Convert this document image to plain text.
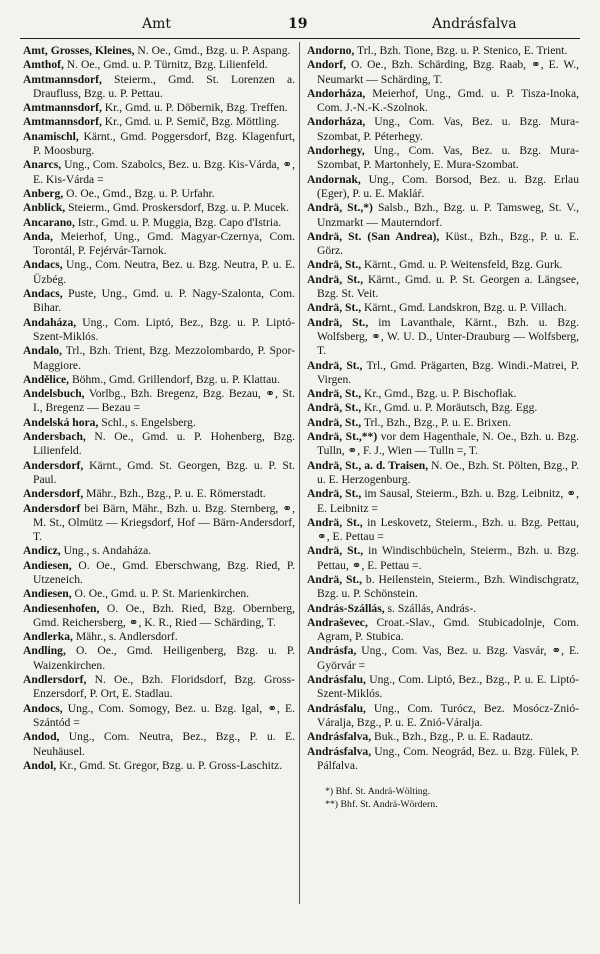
Amt	19	Andrásfalva
Amt, Grosses, Kleines, N. Oe., Gmd., Bzg. u. P. Aspang.
Amthof, N. Oe., Gmd. u. P. Türnitz, Bzg. Lilienfeld.
Amtmannsdorf, Steierm., Gmd. St. Lorenzen a. Draufluss, Bzg. u. P. Pettau.
Amtmannsdorf, Kr., Gmd. u. P. Döbernik, Bzg. Treffen.
Amtmannsdorf, Kr., Gmd. u. P. Semič, Bzg. Möttling.
Anamischl, Kärnt., Gmd. Poggersdorf, Bzg. Klagenfurt, P. Moosburg.
Anarcs, Ung., Com. Szabolcs, Bez. u. Bzg. Kis-Várda, ⚭, E. Kis-Várda =
Anberg, O. Oe., Gmd., Bzg. u. P. Urfahr.
Anblick, Steierm., Gmd. Proskersdorf, Bzg. u. P. Mucek.
Ancarano, Istr., Gmd. u. P. Muggia, Bzg. Capo d'Istria.
Anda, Meierhof, Ung., Gmd. Magyar-Czernya, Com. Torontál, P. Fejérvár-Tarnok.
Andacs, Ung., Com. Neutra, Bez. u. Bzg. Neutra, P. u. E. Üzbég.
Andacs, Puste, Ung., Gmd. u. P. Nagy-Szalonta, Com. Bihar.
Andaháza, Ung., Com. Liptó, Bez., Bzg. u. P. Liptó-Szent-Miklós.
Andalo, Trl., Bzh. Trient, Bzg. Mezzolombardo, P. Spor-Maggiore.
Andělice, Böhm., Gmd. Grillendorf, Bzg. u. P. Klattau.
Andelsbuch, Vorlbg., Bzh. Bregenz, Bzg. Bezau, ⚭, St. I., Bregenz — Bezau =
Andelská hora, Schl., s. Engelsberg.
Andersbach, N. Oe., Gmd. u. P. Hohenberg, Bzg. Lilienfeld.
Andersdorf, Kärnt., Gmd. St. Georgen, Bzg. u. P. St. Paul.
Andersdorf, Mähr., Bzh., Bzg., P. u. E. Römerstadt.
Andersdorf bei Bärn, Mähr., Bzh. u. Bzg. Sternberg, ⚭, M. St., Olmütz — Kriegsdorf, Hof — Bärn-Andersdorf, T.
Andicz, Ung., s. Andaháza.
Andiesen, O. Oe., Gmd. Eberschwang, Bzg. Ried, P. Utzeneich.
Andiesen, O. Oe., Gmd. u. P. St. Marienkirchen.
Andiesenhofen, O. Oe., Bzh. Ried, Bzg. Obernberg, Gmd. Reichersberg, ⚭, K. R., Ried — Schärding, T.
Andlerka, Mähr., s. Andlersdorf.
Andling, O. Oe., Gmd. Heiligenberg, Bzg. u. P. Waizenkirchen.
Andlersdorf, N. Oe., Bzh. Floridsdorf, Bzg. Gross-Enzersdorf, P. Ort, E. Stadlau.
Andocs, Ung., Com. Somogy, Bez. u. Bzg. Igal, ⚭, E. Szántód =
Andod, Ung., Com. Neutra, Bez., Bzg., P. u. E. Neuhäusel.
Andol, Kr., Gmd. St. Gregor, Bzg. u. P. Gross-Laschitz.
Andorno, Trl., Bzh. Tione, Bzg. u. P. Stenico, E. Trient.
Andorf, O. Oe., Bzh. Schärding, Bzg. Raab, ⚭, E. W., Neumarkt — Schärding, T.
Andorháza, Meierhof, Ung., Gmd. u. P. Tisza-Inoka, Com. J.-N.-K.-Szolnok.
Andorháza, Ung., Com. Vas, Bez. u. Bzg. Mura-Szombat, P. Péterhegy.
Andorhegy, Ung., Com. Vas, Bez. u. Bzg. Mura-Szombat, P. Martonhely, E. Mura-Szombat.
Andornak, Ung., Com. Borsod, Bez. u. Bzg. Erlau (Eger), P. u. E. Makláŕ.
Andrä, St.,*) Salsb., Bzh., Bzg. u. P. Tamsweg, St. V., Unzmarkt — Mauterndorf.
Andrä, St. (San Andrea), Küst., Bzh., Bzg., P. u. E. Görz.
Andrä, St., Kärnt., Gmd. u. P. Weitensfeld, Bzg. Gurk.
Andrä, St., Kärnt., Gmd. u. P. St. Georgen a. Längsee, Bzg. St. Veit.
Andrä, St., Kärnt., Gmd. Landskron, Bzg. u. P. Villach.
Andrä, St., im Lavanthale, Kärnt., Bzh. u. Bzg. Wolfsberg, ⚭, W. U. D., Unter-Drauburg — Wolfsberg, T.
Andrä, St., Trl., Gmd. Prägarten, Bzg. Windi.-Matrei, P. Virgen.
Andrä, St., Kr., Gmd., Bzg. u. P. Bischoflak.
Andrä, St., Kr., Gmd. u. P. Moräutsch, Bzg. Egg.
Andrä, St., Trl., Bzh., Bzg., P. u. E. Brixen.
Andrä, St.,**) vor dem Hagenthale, N. Oe., Bzh. u. Bzg. Tulln, ⚭, F. J., Wien — Tulln =, T.
Andrä, St., a. d. Traisen, N. Oe., Bzh. St. Pölten, Bzg., P. u. E. Herzogenburg.
Andrä, St., im Sausal, Steierm., Bzh. u. Bzg. Leibnitz, ⚭, E. Leibnitz =
Andrä, St., in Leskovetz, Steierm., Bzh. u. Bzg. Pettau, ⚭, E. Pettau =
Andrä, St., in Windischbücheln, Steierm., Bzh. u. Bzg. Pettau, ⚭, E. Pettau =.
Andrä, St., b. Heilenstein, Steierm., Bzh. Windischgratz, Bzg. u. P. Schönstein.
András-Szállás, s. Szállás, András-.
Andraševec, Croat.-Slav., Gmd. Stubicadolnje, Com. Agram, P. Stubica.
Andrásfa, Ung., Com. Vas, Bez. u. Bzg. Vasvár, ⚭, E. Györvár =
Andrásfalu, Ung., Com. Liptó, Bez., Bzg., P. u. E. Liptó-Szent-Miklós.
Andrásfalu, Ung., Com. Turócz, Bez. Mosócz-Znió-Váralja, Bzg., P. u. E. Znió-Váralja.
Andrásfalva, Buk., Bzh., Bzg., P. u. E. Radautz.
Andrásfalva, Ung., Com. Neográd, Bez. u. Bzg. Fülek, P. Pálfalva.
*) Bhf. St. Andrä-Wölting.
**) Bhf. St. Andrä-Wördern.
